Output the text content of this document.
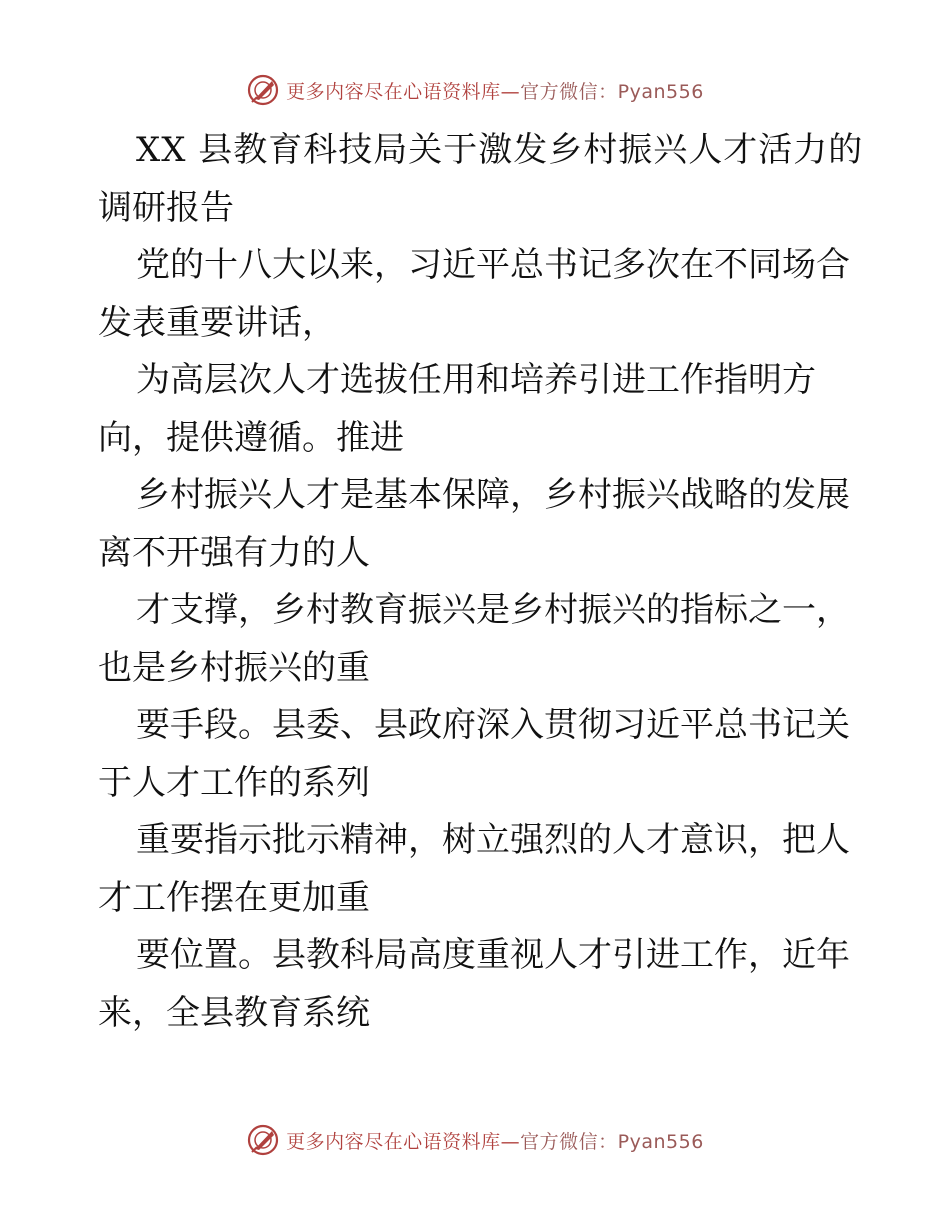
更多内容尽在心语资料库—官方微信：Pyan556
XX 县教育科技局关于激发乡村振兴人才活力的
调研报告
党的十八大以来，习近平总书记多次在不同场合
发表重要讲话，
为高层次人才选拔任用和培养引进工作指明方
向，提供遵循。推进
乡村振兴人才是基本保障，乡村振兴战略的发展
离不开强有力的人
才支撑，乡村教育振兴是乡村振兴的指标之一，
也是乡村振兴的重
要手段。县委、县政府深入贯彻习近平总书记关
于人才工作的系列
重要指示批示精神，树立强烈的人才意识，把人
才工作摆在更加重
要位置。县教科局高度重视人才引进工作，近年
来，全县教育系统
更多内容尽在心语资料库—官方微信：Pyan556
